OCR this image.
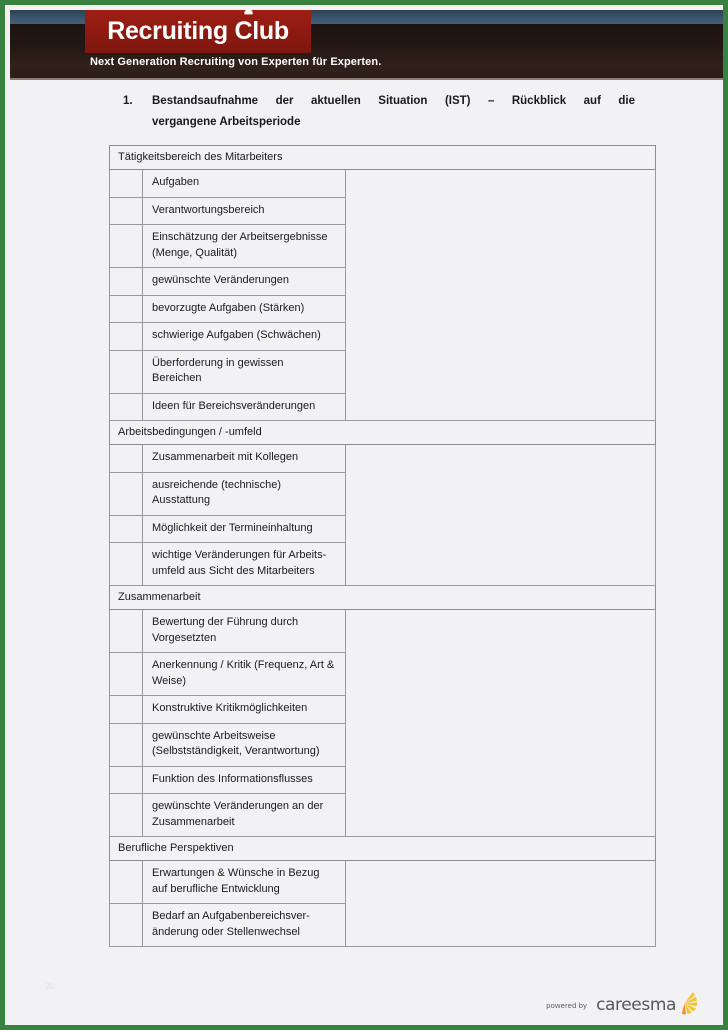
Recruiting Club
Next Generation Recruiting von Experten für Experten.
1.	Bestandsaufnahme der aktuellen Situation (IST) – Rückblick auf die
vergangene Arbeitsperiode
Tätigkeitsbereich des Mitarbeiters		
	Aufgaben	
	Verantwortungsbereich	
	Einschätzung der Arbeitsergebnisse (Menge, Qualität)	
	gewünschte Veränderungen	
	bevorzugte Aufgaben (Stärken)	
	schwierige Aufgaben (Schwächen)	
	Überforderung in gewissen Bereichen	
	Ideen für Bereichsveränderungen	
Arbeitsbedingungen / -umfeld		
	Zusammenarbeit mit Kollegen	
	ausreichende (technische) Ausstattung	
	Möglichkeit der Termineinhaltung	
	wichtige Veränderungen für Arbeits- umfeld aus Sicht des Mitarbeiters	
Zusammenarbeit		
	Bewertung der Führung durch Vorgesetzten	
	Anerkennung / Kritik (Frequenz, Art & Weise)	
	Konstruktive Kritikmöglichkeiten	
	gewünschte Arbeitsweise (Selbstständigkeit, Verantwortung)	
	Funktion des Informationsflusses	
	gewünschte Veränderungen an der Zusammenarbeit	
Berufliche Perspektiven		
	Erwartungen & Wünsche in Bezug auf berufliche Entwicklung	
	Bedarf an Aufgabenbereichsver- änderung oder Stellenwechsel	
20
powered by careesma
